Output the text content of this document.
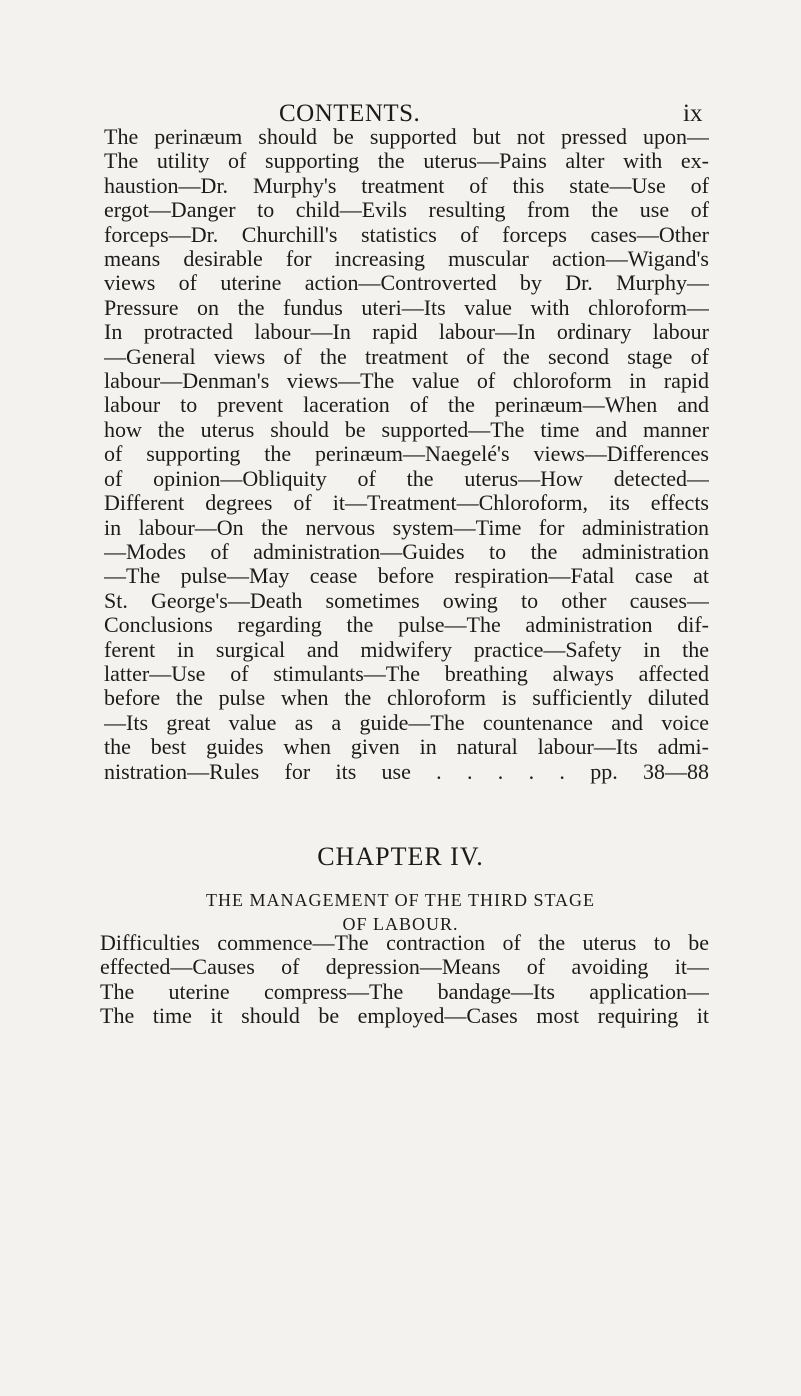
CONTENTS.	ix
The perinæum should be supported but not pressed upon—
The utility of supporting the uterus—Pains alter with ex-
haustion—Dr. Murphy's treatment of this state—Use of
ergot—Danger to child—Evils resulting from the use of
forceps—Dr. Churchill's statistics of forceps cases—Other
means desirable for increasing muscular action—Wigand's
views of uterine action—Controverted by Dr. Murphy—
Pressure on the fundus uteri—Its value with chloroform—
In protracted labour—In rapid labour—In ordinary labour
—General views of the treatment of the second stage of
labour—Denman's views—The value of chloroform in rapid
labour to prevent laceration of the perinæum—When and
how the uterus should be supported—The time and manner
of supporting the perinæum—Naegelé's views—Differences
of opinion—Obliquity of the uterus—How detected—
Different degrees of it—Treatment—Chloroform, its effects
in labour—On the nervous system—Time for administration
—Modes of administration—Guides to the administration
—The pulse—May cease before respiration—Fatal case at
St. George's—Death sometimes owing to other causes—
Conclusions regarding the pulse—The administration dif-
ferent in surgical and midwifery practice—Safety in the
latter—Use of stimulants—The breathing always affected
before the pulse when the chloroform is sufficiently diluted
—Its great value as a guide—The countenance and voice
the best guides when given in natural labour—Its admi-
nistration—Rules for its use . . . . . pp. 38—88
CHAPTER IV.
THE MANAGEMENT OF THE THIRD STAGE
OF LABOUR.
Difficulties commence—The contraction of the uterus to be
effected—Causes of depression—Means of avoiding it—
The uterine compress—The bandage—Its application—
The time it should be employed—Cases most requiring it
